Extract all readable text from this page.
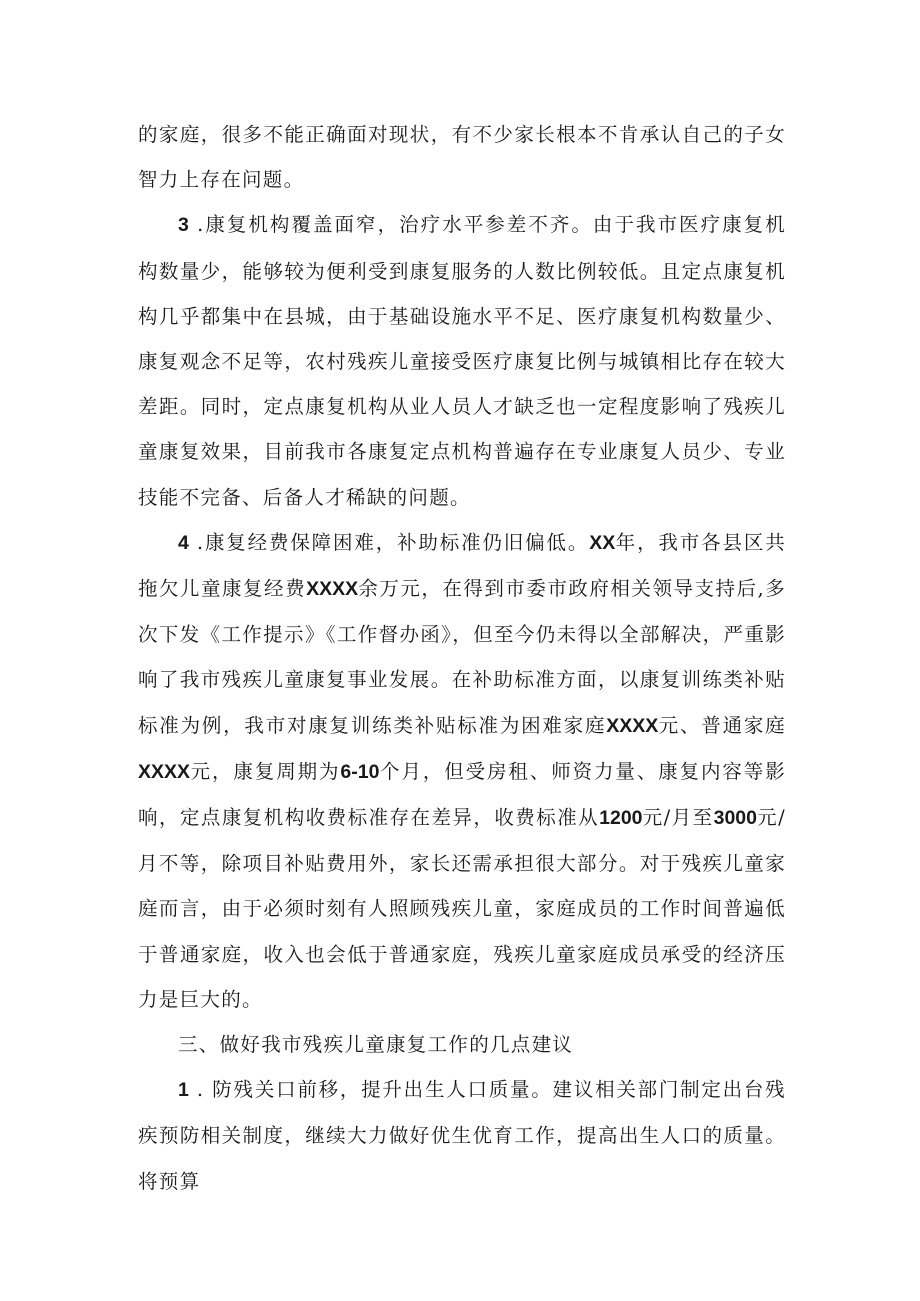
的家庭，很多不能正确面对现状，有不少家长根本不肯承认自己的子女智力上存在问题。

3 .康复机构覆盖面窄，治疗水平参差不齐。由于我市医疗康复机构数量少，能够较为便利受到康复服务的人数比例较低。且定点康复机构几乎都集中在县城，由于基础设施水平不足、医疗康复机构数量少、康复观念不足等，农村残疾儿童接受医疗康复比例与城镇相比存在较大差距。同时，定点康复机构从业人员人才缺乏也一定程度影响了残疾儿童康复效果，目前我市各康复定点机构普遍存在专业康复人员少、专业技能不完备、后备人才稀缺的问题。

4 .康复经费保障困难，补助标准仍旧偏低。XX年，我市各县区共拖欠儿童康复经费XXXX余万元，在得到市委市政府相关领导支持后,多次下发《工作提示》《工作督办函》，但至今仍未得以全部解决，严重影响了我市残疾儿童康复事业发展。在补助标准方面，以康复训练类补贴标准为例，我市对康复训练类补贴标准为困难家庭XXXX元、普通家庭XXXX元，康复周期为6-10个月，但受房租、师资力量、康复内容等影响，定点康复机构收费标准存在差异，收费标准从1200元/月至3000元/月不等，除项目补贴费用外，家长还需承担很大部分。对于残疾儿童家庭而言，由于必须时刻有人照顾残疾儿童，家庭成员的工作时间普遍低于普通家庭，收入也会低于普通家庭，残疾儿童家庭成员承受的经济压力是巨大的。

三、做好我市残疾儿童康复工作的几点建议

1 . 防残关口前移，提升出生人口质量。建议相关部门制定出台残疾预防相关制度，继续大力做好优生优育工作，提高出生人口的质量。将预算
